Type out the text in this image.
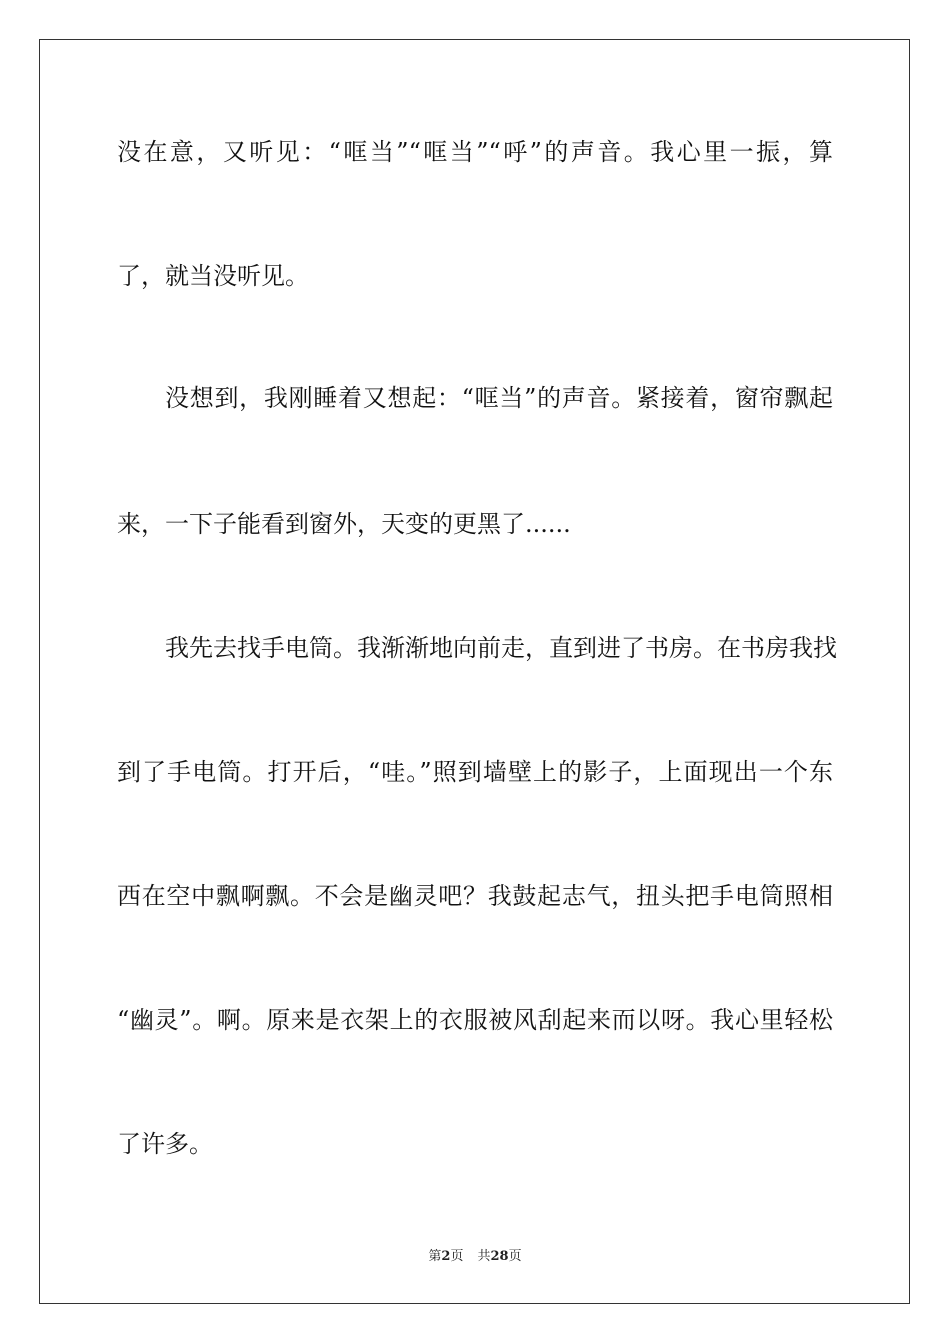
没在意，又听见：“哐当”“哐当”“呼”的声音。我心里一振，算
了，就当没听见。
没想到，我刚睡着又想起：“哐当”的声音。紧接着，窗帘飘起
来，一下子能看到窗外，天变的更黑了......
我先去找手电筒。我渐渐地向前走，直到进了书房。在书房我找
到了手电筒。打开后，“哇。”照到墙壁上的影子，上面现出一个东
西在空中飘啊飘。不会是幽灵吧？我鼓起志气，扭头把手电筒照相
“幽灵”。啊。原来是衣架上的衣服被风刮起来而以呀。我心里轻松
了许多。
第2页 共28页
